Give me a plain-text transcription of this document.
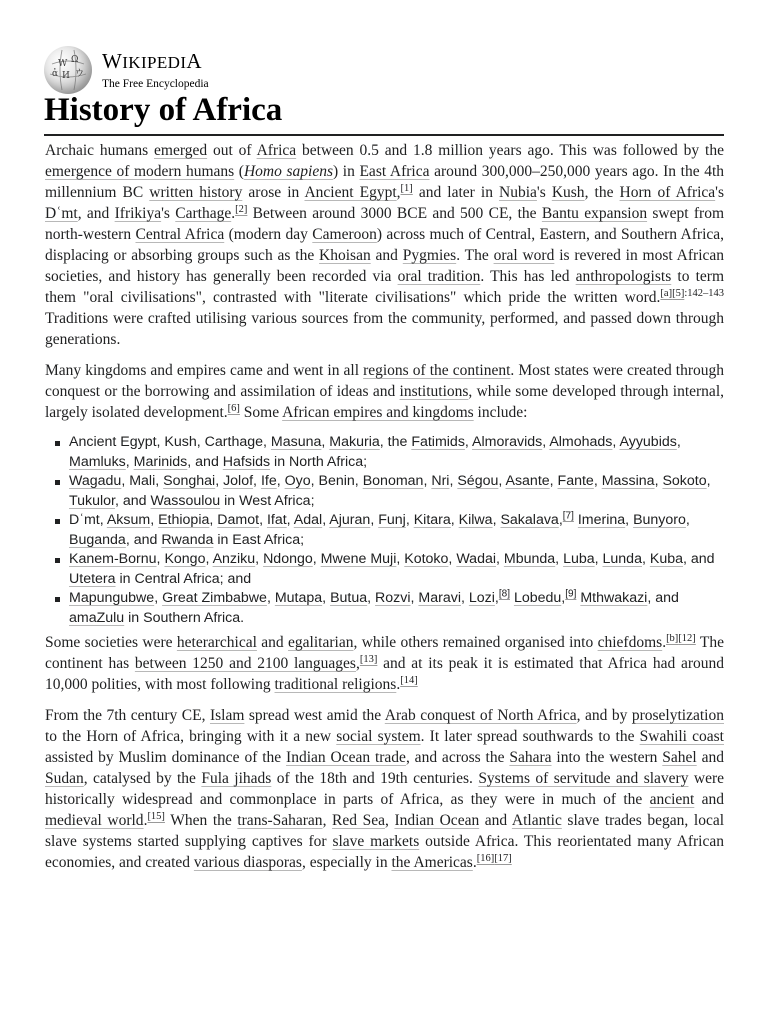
W Ω
И ウ
ἀ
WIKIPEDIA
The Free Encyclopedia
History of Africa

Archaic humans emerged out of Africa between 0.5 and 1.8 million years ago. This was followed by the emergence of modern humans (Homo sapiens) in East Africa around 300,000–250,000 years ago. In the 4th millennium BC written history arose in Ancient Egypt,[1] and later in Nubia's Kush, the Horn of Africa's Dʿmt, and Ifrikiya's Carthage.[2] Between around 3000 BCE and 500 CE, the Bantu expansion swept from north-western Central Africa (modern day Cameroon) across much of Central, Eastern, and Southern Africa, displacing or absorbing groups such as the Khoisan and Pygmies. The oral word is revered in most African societies, and history has generally been recorded via oral tradition. This has led anthropologists to term them "oral civilisations", contrasted with "literate civilisations" which pride the written word.$^{[a][5]:142-143}$ Traditions were crafted utilising various sources from the community, performed, and passed down through generations.

Many kingdoms and empires came and went in all regions of the continent. Most states were created through conquest or the borrowing and assimilation of ideas and institutions, while some developed through internal, largely isolated development.[6] Some African empires and kingdoms include:

Ancient Egypt, Kush, Carthage, Masuna, Makuria, the Fatimids, Almoravids, Almohads, Ayyubids, Mamluks, Marinids, and Hafsids in North Africa;
Wagadu, Mali, Songhai, Jolof, Ife, Oyo, Benin, Bonoman, Nri, Ségou, Asante, Fante, Massina, Sokoto, Tukulor, and Wassoulou in West Africa;
Dʿmt, Aksum, Ethiopia, Damot, Ifat, Adal, Ajuran, Funj, Kitara, Kilwa, Sakalava,[7] Imerina, Bunyoro, Buganda, and Rwanda in East Africa;
Kanem-Bornu, Kongo, Anziku, Ndongo, Mwene Muji, Kotoko, Wadai, Mbunda, Luba, Lunda, Kuba, and Utetera in Central Africa; and
Mapungubwe, Great Zimbabwe, Mutapa, Butua, Rozvi, Maravi, Lozi,[8] Lobedu,[9] Mthwakazi, and amaZulu in Southern Africa.

Some societies were heterarchical and egalitarian, while others remained organised into chiefdoms.[b][12] The continent has between 1250 and 2100 languages,[13] and at its peak it is estimated that Africa had around 10,000 polities, with most following traditional religions.[14]

From the 7th century CE, Islam spread west amid the Arab conquest of North Africa, and by proselytization to the Horn of Africa, bringing with it a new social system. It later spread southwards to the Swahili coast assisted by Muslim dominance of the Indian Ocean trade, and across the Sahara into the western Sahel and Sudan, catalysed by the Fula jihads of the 18th and 19th centuries. Systems of servitude and slavery were historically widespread and commonplace in parts of Africa, as they were in much of the ancient and medieval world.[15] When the trans-Saharan, Red Sea, Indian Ocean and Atlantic slave trades began, local slave systems started supplying captives for slave markets outside Africa. This reorientated many African economies, and created various diasporas, especially in the Americas.[16][17]
